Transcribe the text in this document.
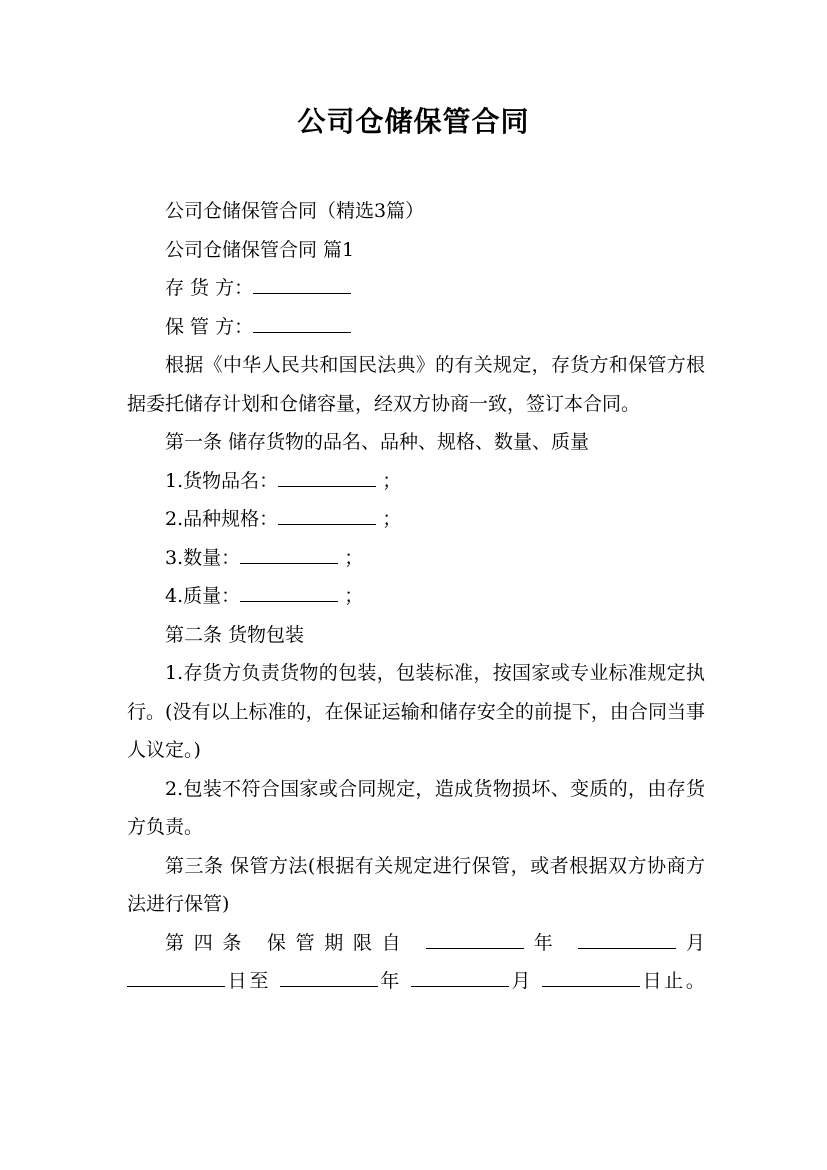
公司仓储保管合同

公司仓储保管合同（精选3篇）

公司仓储保管合同 篇1

存 货 方：

保 管 方：

根据《中华人民共和国民法典》的有关规定，存货方和保管方根据委托储存计划和仓储容量，经双方协商一致，签订本合同。

第一条 储存货物的品名、品种、规格、数量、质量

1.货物品名：	；

2.品种规格：	；

3.数量：	；

4.质量：	；

第二条 货物包装

1.存货方负责货物的包装，包装标准，按国家或专业标准规定执行。(没有以上标准的，在保证运输和储存安全的前提下，由合同当事人议定。)

2.包装不符合国家或合同规定，造成货物损坏、变质的，由存货方负责。

第三条 保管方法(根据有关规定进行保管，或者根据双方协商方法进行保管)

第四条 保管期限自	年	月

日至	年	月	日止。
